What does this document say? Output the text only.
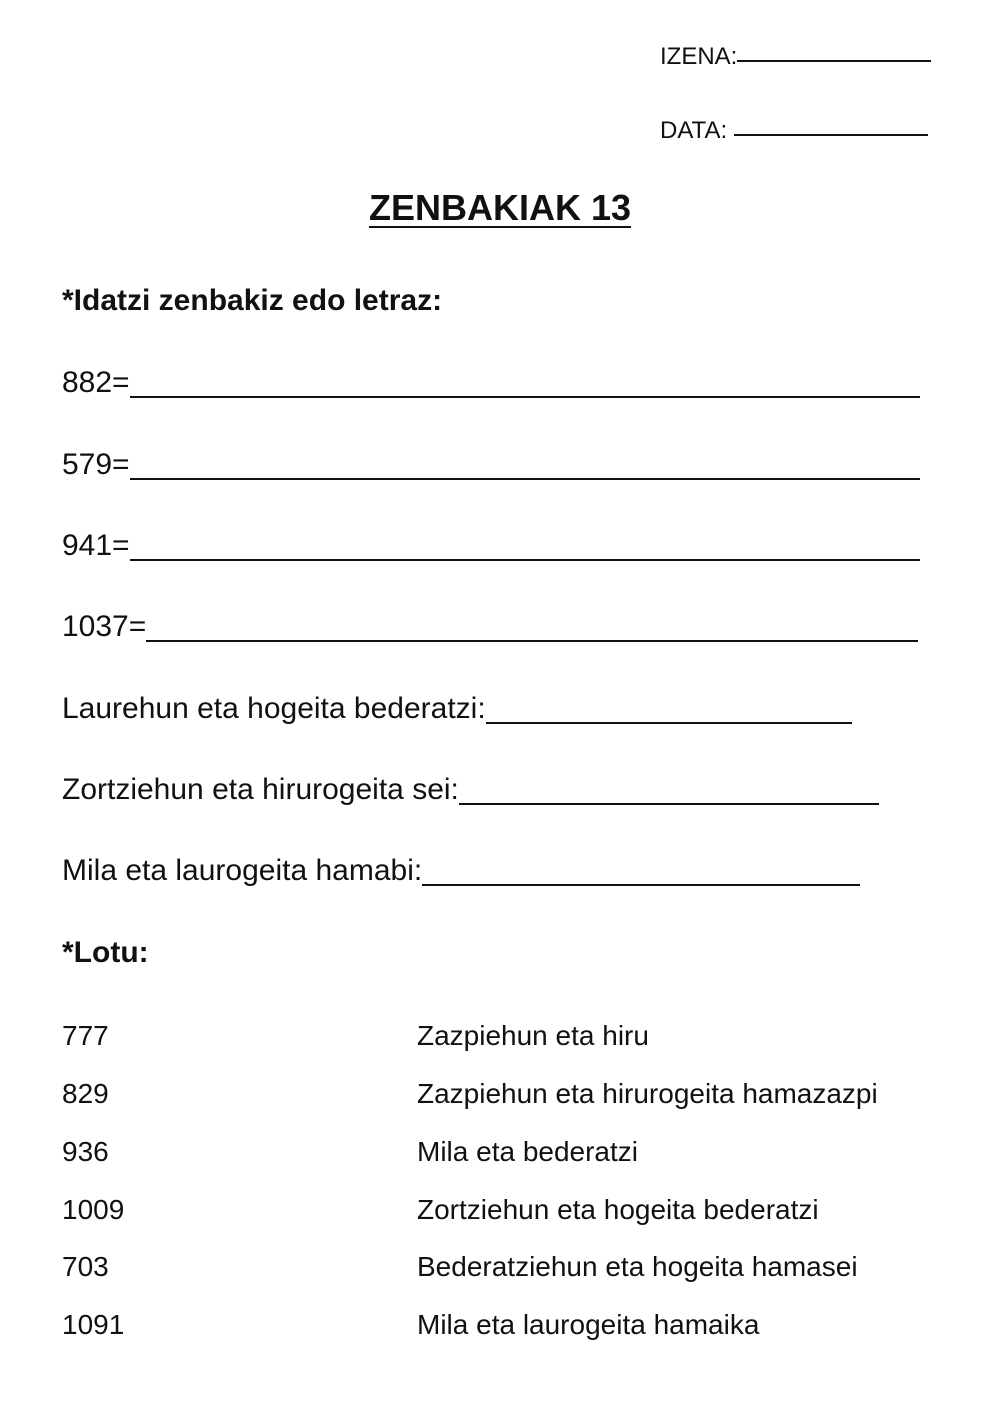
IZENA:
DATA:
ZENBAKIAK 13
*Idatzi zenbakiz edo letraz:
882=
579=
941=
1037=
Laurehun eta hogeita bederatzi:
Zortziehun eta hirurogeita sei:
Mila eta laurogeita hamabi:
*Lotu:
777	Zazpiehun eta hiru
829	Zazpiehun eta hirurogeita hamazazpi
936	Mila eta bederatzi
1009	Zortziehun eta hogeita bederatzi
703	Bederatziehun eta hogeita hamasei
1091	Mila eta laurogeita hamaika
